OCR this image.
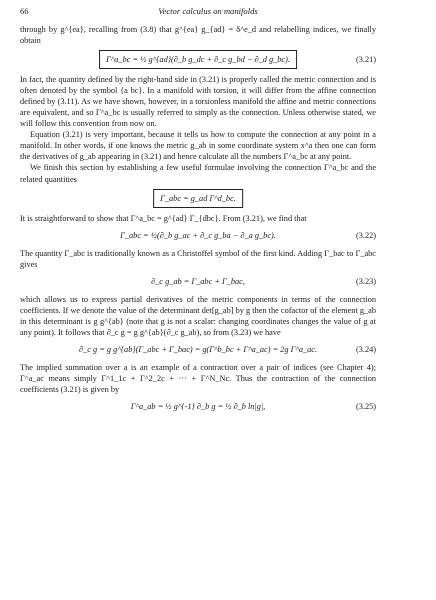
66	Vector calculus on manifolds

through by g^{ea}, recalling from (3.8) that g^{ea} g_{ad} = δ^e_d and relabelling indices, we finally obtain

Γ^a_bc = ½ g^{ad}(∂_b g_dc + ∂_c g_bd − ∂_d g_bc).	(3.21)

In fact, the quantity defined by the right-hand side in (3.21) is properly called the metric connection and is often denoted by the symbol {a bc}. In a manifold with torsion, it will differ from the affine connection defined by (3.11). As we have shown, however, in a torsionless manifold the affine and metric connections are equivalent, and so Γ^a_bc is usually referred to simply as the connection. Unless otherwise stated, we will follow this convention from now on.

Equation (3.21) is very important, because it tells us how to compute the connection at any point in a manifold. In other words, if one knows the metric g_ab in some coordinate system x^a then one can form the derivatives of g_ab appearing in (3.21) and hence calculate all the numbers Γ^a_bc at any point.

We finish this section by establishing a few useful formulae involving the connection Γ^a_bc and the related quantities

Γ_abc = g_ad Γ^d_bc.

It is straightforward to show that Γ^a_bc = g^{ad} Γ_{dbc}. From (3.21), we find that

Γ_abc = ½(∂_b g_ac + ∂_c g_ba − ∂_a g_bc).	(3.22)

The quantity Γ_abc is traditionally known as a Christoffel symbol of the first kind. Adding Γ_bac to Γ_abc gives

∂_c g_ab = Γ_abc + Γ_bac,	(3.23)

which allows us to express partial derivatives of the metric components in terms of the connection coefficients. If we denote the value of the determinant det[g_ab] by g then the cofactor of the element g_ab in this determinant is g g^{ab} (note that g is not a scalar: changing coordinates changes the value of g at any point). It follows that ∂_c g = g g^{ab}(∂_c g_ab), so from (3.23) we have

∂_c g = g g^{ab}(Γ_abc + Γ_bac) = g(Γ^b_bc + Γ^a_ac) = 2g Γ^a_ac.	(3.24)

The implied summation over a is an example of a contraction over a pair of indices (see Chapter 4); Γ^a_ac means simply Γ^1_1c + Γ^2_2c + ··· + Γ^N_Nc. Thus the contraction of the connection coefficients (3.21) is given by

Γ^a_ab = ½ g^{-1} ∂_b g = ½ ∂_b ln|g|,	(3.25)
